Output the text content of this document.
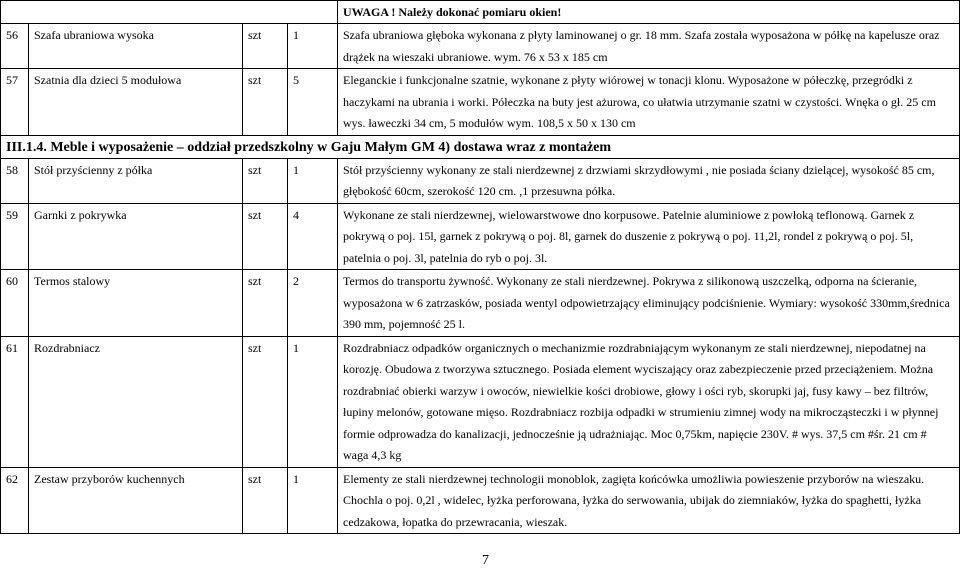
				UWAGA ! Należy dokonać pomiaru okien!
56	Szafa ubraniowa wysoka	szt	1	Szafa ubraniowa głęboka wykonana z płyty laminowanej o gr. 18 mm. Szafa została wyposażona w półkę na kapelusze oraz drążek na wieszaki ubraniowe. wym. 76 x 53 x 185 cm
57	Szatnia dla dzieci 5 modułowa	szt	5	Eleganckie i funkcjonalne szatnie, wykonane z płyty wiórowej w tonacji klonu. Wyposażone w półeczkę, przegródki z haczykami na ubrania i worki. Półeczka na buty jest ażurowa, co ułatwia utrzymanie szatni w czystości. Wnęka o gł. 25 cm wys. ławeczki 34 cm, 5 modułów wym. 108,5 x 50 x 130 cm
III.1.4. Meble i wyposażenie – oddział przedszkolny w Gaju Małym GM 4) dostawa wraz z montażem				
58	Stół przyścienny z półka	szt	1	Stół przyścienny wykonany ze stali nierdzewnej z drzwiami skrzydłowymi , nie posiada ściany dzielącej, wysokość 85 cm, głębokość 60cm, szerokość 120 cm. ,1 przesuwna półka.
59	Garnki z pokrywka	szt	4	Wykonane ze stali nierdzewnej, wielowarstwowe dno korpusowe. Patelnie aluminiowe z powłoką teflonową. Garnek z pokrywą o poj. 15l, garnek z pokrywą o poj. 8l, garnek do duszenie z pokrywą o poj. 11,2l, rondel z pokrywą o poj. 5l, patelnia o poj. 3l, patelnia do ryb o poj. 3l.
60	Termos stalowy	szt	2	Termos do transportu żywność. Wykonany ze stali nierdzewnej. Pokrywa z silikonową uszczelką, odporna na ścieranie, wyposażona w 6 zatrzasków, posiada wentyl odpowietrzający eliminujący podciśnienie. Wymiary: wysokość 330mm,średnica 390 mm, pojemność 25 l.
61	Rozdrabniacz	szt	1	Rozdrabniacz odpadków organicznych o mechanizmie rozdrabniającym wykonanym ze stali nierdzewnej, niepodatnej na korozję. Obudowa z tworzywa sztucznego. Posiada element wyciszający oraz zabezpieczenie przed przeciążeniem. Można rozdrabniać obierki warzyw i owoców, niewielkie kości drobiowe, głowy i ości ryb, skorupki jaj, fusy kawy – bez filtrów, łupiny melonów, gotowane mięso. Rozdrabniacz rozbija odpadki w strumieniu zimnej wody na mikrocząsteczki i w płynnej formie odprowadza do kanalizacji, jednocześnie ją udrażniając. Moc 0,75km, napięcie 230V. # wys. 37,5 cm #śr. 21 cm # waga 4,3 kg
62	Zestaw przyborów kuchennych	szt	1	Elementy ze stali nierdzewnej technologii monoblok, zagięta końcówka umożliwia powieszenie przyborów na wieszaku. Chochla o poj. 0,2l , widelec, łyżka perforowana, łyżka do serwowania, ubijak do ziemniaków, łyżka do spaghetti, łyżka cedzakowa, łopatka do przewracania, wieszak.
7
